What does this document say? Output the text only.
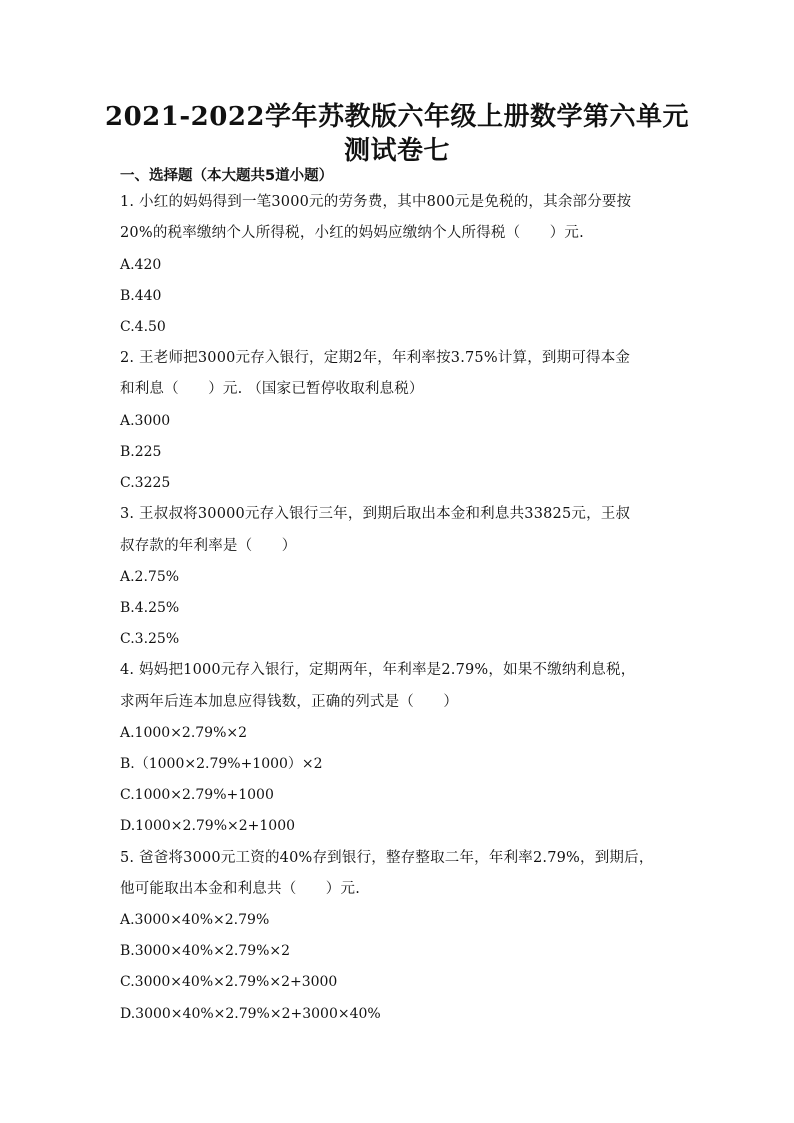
2021-2022学年苏教版六年级上册数学第六单元
测试卷七

一、选择题（本大题共5道小题）

1. 小红的妈妈得到一笔3000元的劳务费，其中800元是免税的，其余部分要按

20%的税率缴纳个人所得税，小红的妈妈应缴纳个人所得税（　　）元.

A.420

B.440

C.4.50

2. 王老师把3000元存入银行，定期2年，年利率按3.75%计算，到期可得本金

和利息（　　）元. （国家已暂停收取利息税）

A.3000

B.225

C.3225

3. 王叔叔将30000元存入银行三年，到期后取出本金和利息共33825元，王叔

叔存款的年利率是（　　）

A.2.75%

B.4.25%

C.3.25%

4. 妈妈把1000元存入银行，定期两年，年利率是2.79%，如果不缴纳利息税，

求两年后连本加息应得钱数，正确的列式是（　　）

A.1000×2.79%×2

B.（1000×2.79%+1000）×2

C.1000×2.79%+1000

D.1000×2.79%×2+1000

5. 爸爸将3000元工资的40%存到银行，整存整取二年，年利率2.79%，到期后，

他可能取出本金和利息共（　　）元.

A.3000×40%×2.79%

B.3000×40%×2.79%×2

C.3000×40%×2.79%×2+3000

D.3000×40%×2.79%×2+3000×40%
